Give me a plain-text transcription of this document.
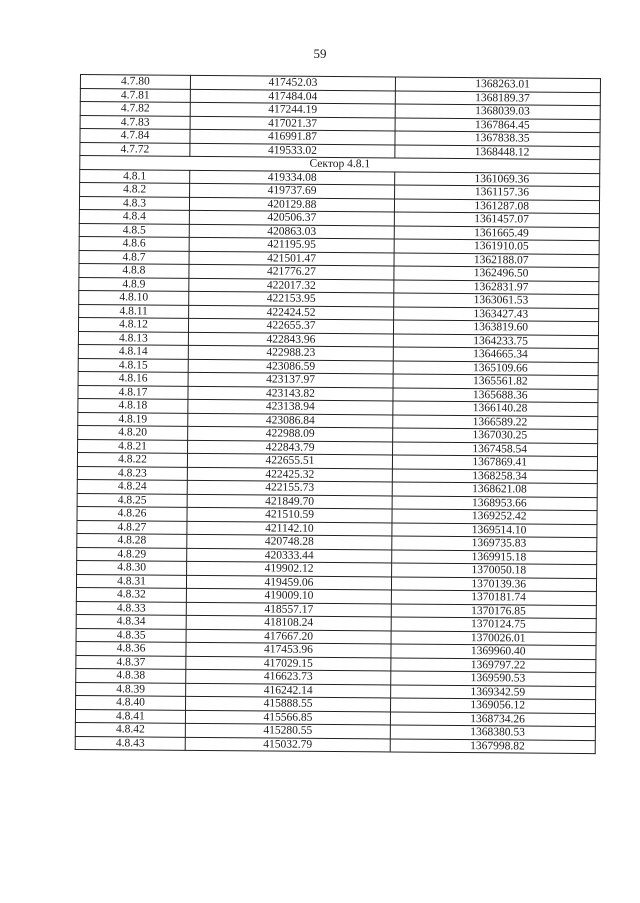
59
4.7.80	417452.03	1368263.01
4.7.81	417484.04	1368189.37
4.7.82	417244.19	1368039.03
4.7.83	417021.37	1367864.45
4.7.84	416991.87	1367838.35
4.7.72	419533.02	1368448.12
Сектор 4.8.1		
4.8.1	419334.08	1361069.36
4.8.2	419737.69	1361157.36
4.8.3	420129.88	1361287.08
4.8.4	420506.37	1361457.07
4.8.5	420863.03	1361665.49
4.8.6	421195.95	1361910.05
4.8.7	421501.47	1362188.07
4.8.8	421776.27	1362496.50
4.8.9	422017.32	1362831.97
4.8.10	422153.95	1363061.53
4.8.11	422424.52	1363427.43
4.8.12	422655.37	1363819.60
4.8.13	422843.96	1364233.75
4.8.14	422988.23	1364665.34
4.8.15	423086.59	1365109.66
4.8.16	423137.97	1365561.82
4.8.17	423143.82	1365688.36
4.8.18	423138.94	1366140.28
4.8.19	423086.84	1366589.22
4.8.20	422988.09	1367030.25
4.8.21	422843.79	1367458.54
4.8.22	422655.51	1367869.41
4.8.23	422425.32	1368258.34
4.8.24	422155.73	1368621.08
4.8.25	421849.70	1368953.66
4.8.26	421510.59	1369252.42
4.8.27	421142.10	1369514.10
4.8.28	420748.28	1369735.83
4.8.29	420333.44	1369915.18
4.8.30	419902.12	1370050.18
4.8.31	419459.06	1370139.36
4.8.32	419009.10	1370181.74
4.8.33	418557.17	1370176.85
4.8.34	418108.24	1370124.75
4.8.35	417667.20	1370026.01
4.8.36	417453.96	1369960.40
4.8.37	417029.15	1369797.22
4.8.38	416623.73	1369590.53
4.8.39	416242.14	1369342.59
4.8.40	415888.55	1369056.12
4.8.41	415566.85	1368734.26
4.8.42	415280.55	1368380.53
4.8.43	415032.79	1367998.82
